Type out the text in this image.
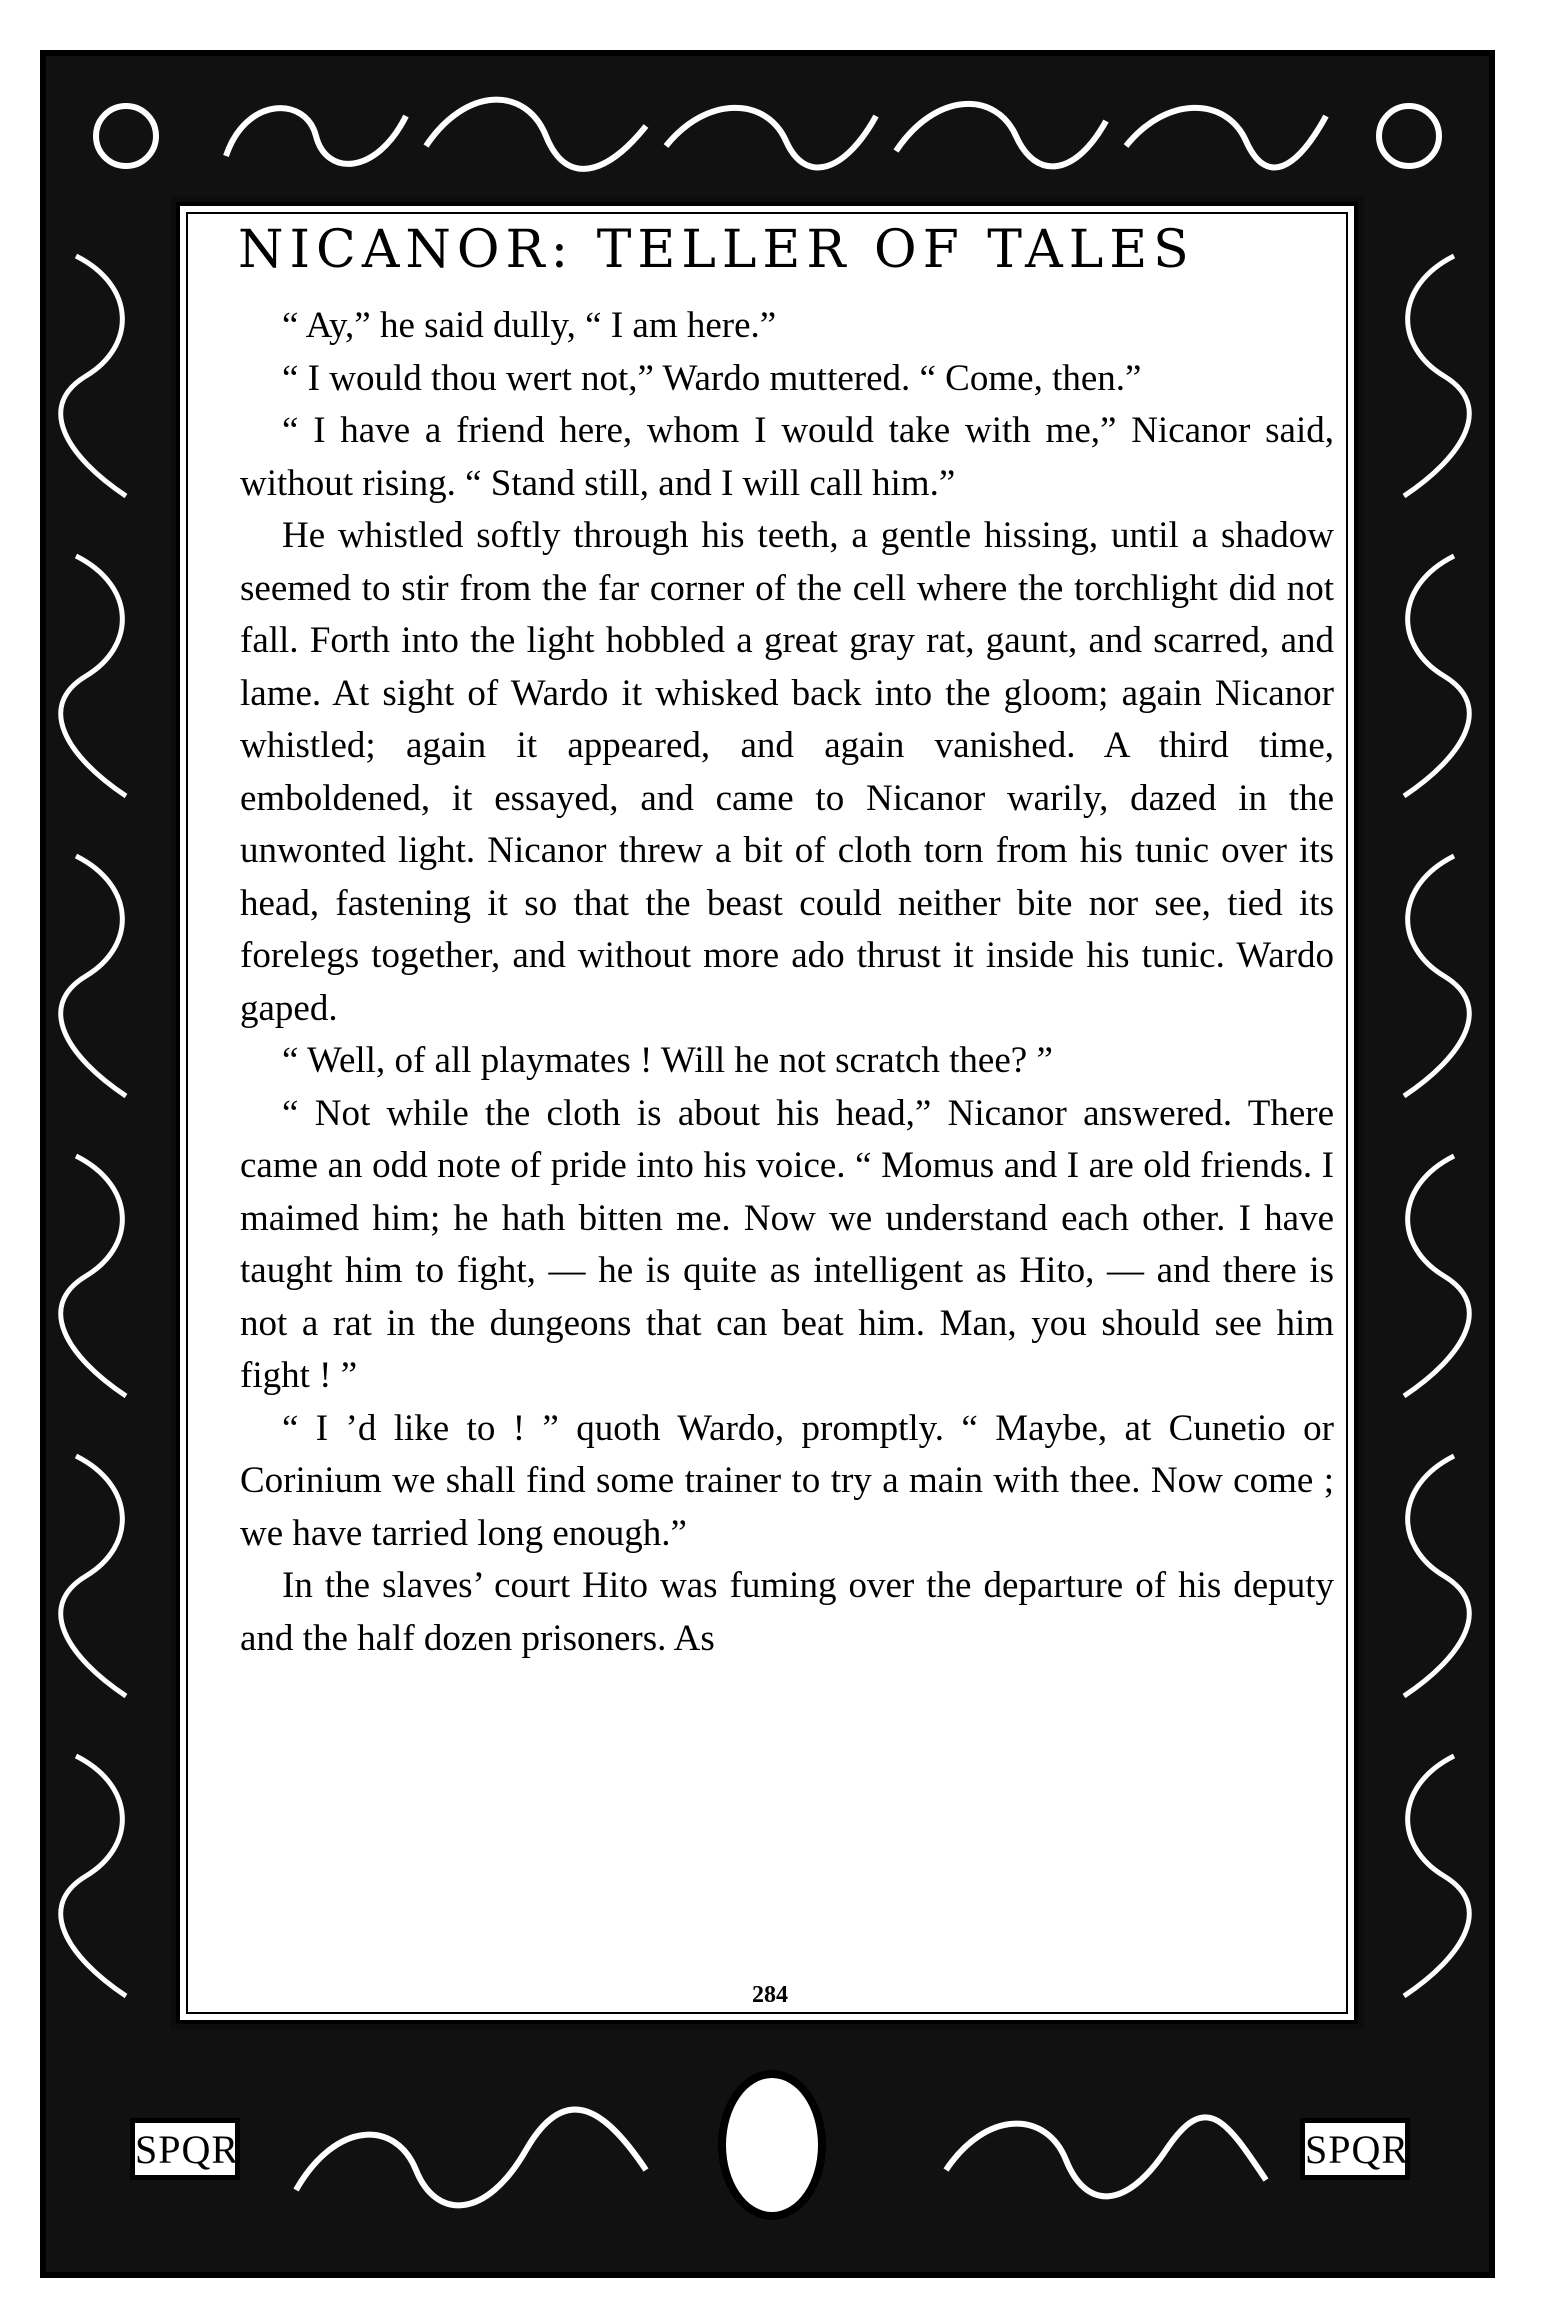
SPQR	SPQR
NICANOR: TELLER OF TALES

“ Ay,” he said dully, “ I am here.”

“ I would thou wert not,” Wardo muttered. “ Come, then.”

“ I have a friend here, whom I would take with me,” Nicanor said, without rising. “ Stand still, and I will call him.”

He whistled softly through his teeth, a gentle hissing, until a shadow seemed to stir from the far corner of the cell where the torchlight did not fall. Forth into the light hobbled a great gray rat, gaunt, and scarred, and lame. At sight of Wardo it whisked back into the gloom; again Nicanor whistled; again it appeared, and again vanished. A third time, emboldened, it essayed, and came to Nicanor warily, dazed in the unwonted light. Nicanor threw a bit of cloth torn from his tunic over its head, fastening it so that the beast could neither bite nor see, tied its forelegs together, and without more ado thrust it inside his tunic. Wardo gaped.

“ Well, of all playmates ! Will he not scratch thee? ”

“ Not while the cloth is about his head,” Nicanor answered. There came an odd note of pride into his voice. “ Momus and I are old friends. I maimed him; he hath bitten me. Now we understand each other. I have taught him to fight, — he is quite as intelligent as Hito, — and there is not a rat in the dungeons that can beat him. Man, you should see him fight ! ”

“ I ’d like to ! ” quoth Wardo, promptly. “ Maybe, at Cunetio or Corinium we shall find some trainer to try a main with thee. Now come ; we have tarried long enough.”

In the slaves’ court Hito was fuming over the departure of his deputy and the half dozen prisoners. As

284
